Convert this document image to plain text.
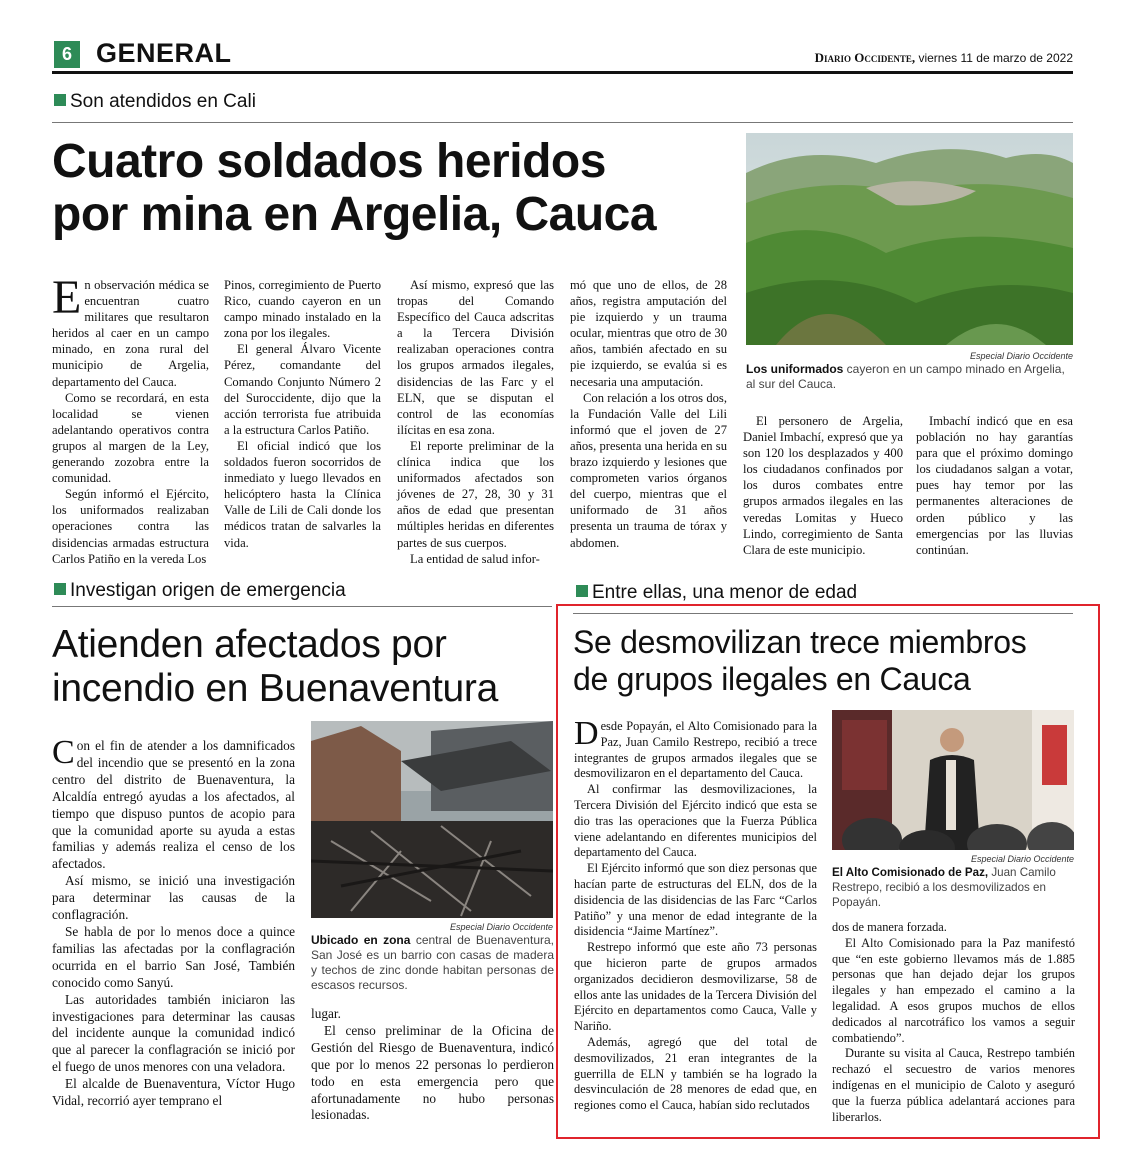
6 GENERAL	Diario Occidente, viernes 11 de marzo de 2022
Son atendidos en Cali
Cuatro soldados heridos
por mina en Argelia, Cauca
Especial Diario Occidente
Los uniformados cayeron en un campo minado en Argelia, al sur del Cauca.

En observación médica se encuentran cuatro militares que resultaron heridos al caer en un campo minado, en zona rural del municipio de Argelia, departamento del Cauca.

Como se recordará, en esta localidad se vienen adelantando operativos contra grupos al margen de la Ley, generando zozobra entre la comunidad.

Según informó el Ejército, los uniformados realizaban operaciones contra las disidencias armadas estructura Carlos Patiño en la vereda Los

Pinos, corregimiento de Puerto Rico, cuando cayeron en un campo minado instalado en la zona por los ilegales.

El general Álvaro Vicente Pérez, comandante del Comando Conjunto Número 2 del Suroccidente, dijo que la acción terrorista fue atribuida a la estructura Carlos Patiño.

El oficial indicó que los soldados fueron socorridos de inmediato y luego llevados en helicóptero hasta la Clínica Valle de Lili de Cali donde los médicos tratan de salvarles la vida.

Así mismo, expresó que las tropas del Comando Específico del Cauca adscritas a la Tercera División realizaban operaciones contra los grupos armados ilegales, disidencias de las Farc y el ELN, que se disputan el control de las economías ilícitas en esa zona.

El reporte preliminar de la clínica indica que los uniformados afectados son jóvenes de 27, 28, 30 y 31 años de edad que presentan múltiples heridas en diferentes partes de sus cuerpos.

La entidad de salud infor-

mó que uno de ellos, de 28 años, registra amputación del pie izquierdo y un trauma ocular, mientras que otro de 30 años, también afectado en su pie izquierdo, se evalúa si es necesaria una amputación.

Con relación a los otros dos, la Fundación Valle del Lili informó que el joven de 27 años, presenta una herida en su brazo izquierdo y lesiones que comprometen varios órganos del cuerpo, mientras que el uniformado de 31 años presenta un trauma de tórax y abdomen.

El personero de Argelia, Daniel Imbachí, expresó que ya son 120 los desplazados y 400 los ciudadanos confinados por los duros combates entre grupos armados ilegales en las veredas Lomitas y Hueco Lindo, corregimiento de Santa Clara de este municipio.

Imbachí indicó que en esa población no hay garantías para que el próximo domingo los ciudadanos salgan a votar, pues hay temor por las permanentes alteraciones de orden público y las emergencias por las lluvias continúan.

Investigan origen de emergencia
Atienden afectados por
incendio en Buenaventura
Especial Diario Occidente
Ubicado en zona central de Buenaventura, San José es un barrio con casas de madera y techos de zinc donde habitan personas de escasos recursos.

Con el fin de atender a los damnificados del incendio que se presentó en la zona centro del distrito de Buenaventura, la Alcaldía entregó ayudas a los afectados, al tiempo que dispuso puntos de acopio para que la comunidad aporte su ayuda a estas familias y además realiza el censo de los afectados.

Así mismo, se inició una investigación para determinar las causas de la conflagración.

Se habla de por lo menos doce a quince familias las afectadas por la conflagración ocurrida en el barrio San José, También conocido como Sanyú.

Las autoridades también iniciaron las investigaciones para determinar las causas del incidente aunque la comunidad indicó que al parecer la conflagración se inició por el fuego de unos menores con una veladora.

El alcalde de Buenaventura, Víctor Hugo Vidal, recorrió ayer temprano el

lugar.

El censo preliminar de la Oficina de Gestión del Riesgo de Buenaventura, indicó que por lo menos 22 personas lo perdieron todo en esta emergencia pero que afortunadamente no hubo personas lesionadas.

Entre ellas, una menor de edad
Se desmovilizan trece miembros
de grupos ilegales en Cauca
Especial Diario Occidente
El Alto Comisionado de Paz, Juan Camilo Restrepo, recibió a los desmovilizados en Popayán.

Desde Popayán, el Alto Comisionado para la Paz, Juan Camilo Restrepo, recibió a trece integrantes de grupos armados ilegales que se desmovilizaron en el departamento del Cauca.

Al confirmar las desmovilizaciones, la Tercera División del Ejército indicó que esta se dio tras las operaciones que la Fuerza Pública viene adelantando en diferentes municipios del departamento del Cauca.

El Ejército informó que son diez personas que hacían parte de estructuras del ELN, dos de la disidencia de las disidencias de las Farc “Carlos Patiño” y una menor de edad integrante de la disidencia “Jaime Martínez”.

Restrepo informó que este año 73 personas que hicieron parte de grupos armados organizados decidieron desmovilizarse, 58 de ellos ante las unidades de la Tercera División del Ejército en departamentos como Cauca, Valle y Nariño.

Además, agregó que del total de desmovilizados, 21 eran integrantes de la guerrilla de ELN y también se ha logrado la desvinculación de 28 menores de edad que, en regiones como el Cauca, habían sido reclutados

dos de manera forzada.

El Alto Comisionado para la Paz manifestó que “en este gobierno llevamos más de 1.885 personas que han dejado dejar los grupos ilegales y han empezado el camino a la legalidad. A esos grupos muchos de ellos dedicados al narcotráfico los vamos a seguir combatiendo”.

Durante su visita al Cauca, Restrepo también rechazó el secuestro de varios menores indígenas en el municipio de Caloto y aseguró que la fuerza pública adelantará acciones para liberarlos.
